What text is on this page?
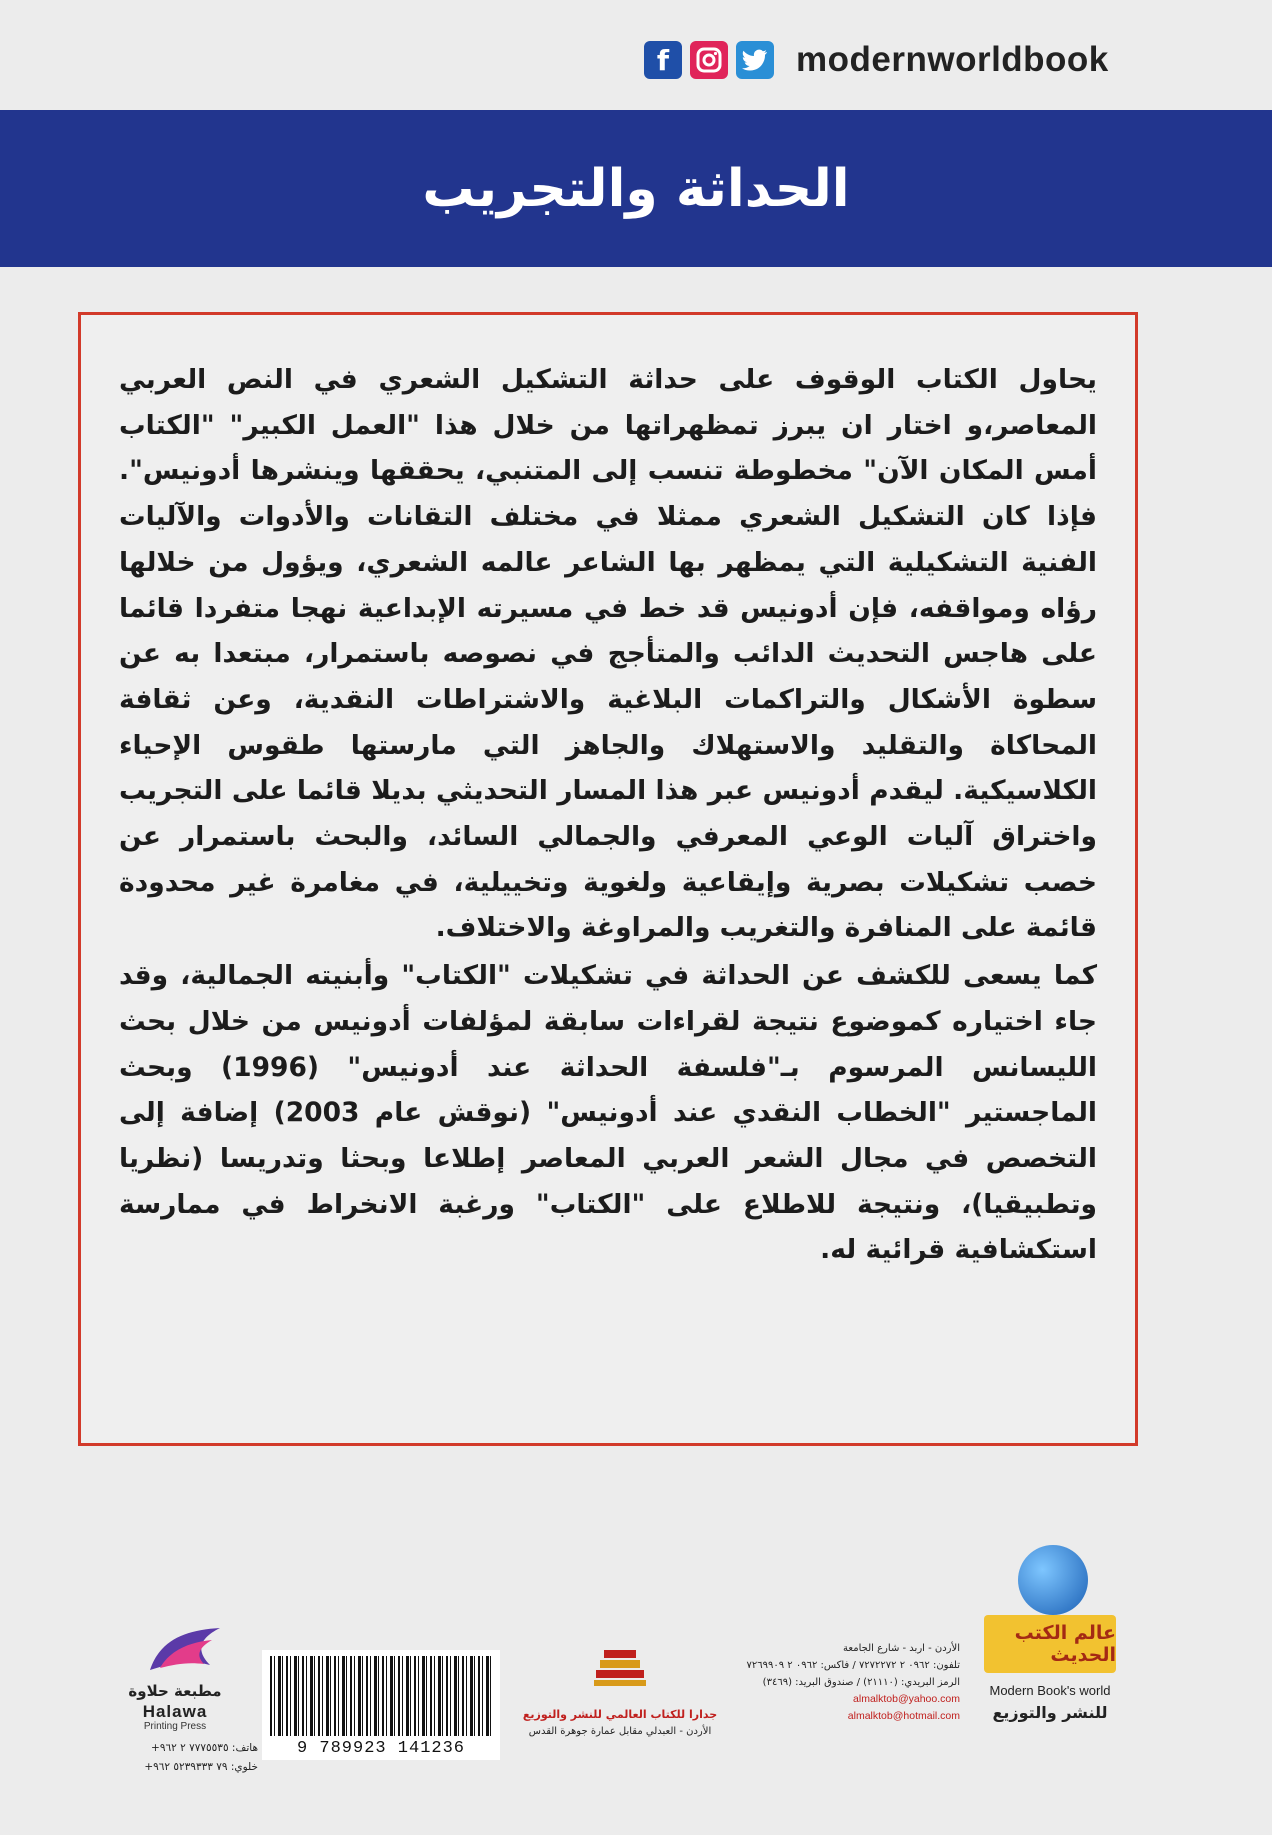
f	modernworldbook
الحداثة والتجريب

يحاول الكتاب الوقوف على حداثة التشكيل الشعري في النص العربي المعاصر،و اختار ان يبرز تمظهراتها من خلال هذا "العمل الكبير" "الكتاب أمس المكان الآن" مخطوطة تنسب إلى المتنبي، يحققها وينشرها أدونيس". فإذا كان التشكيل الشعري ممثلا في مختلف التقانات والأدوات والآليات الفنية التشكيلية التي يمظهر بها الشاعر عالمه الشعري، ويؤول من خلالها رؤاه ومواقفه، فإن أدونيس قد خط في مسيرته الإبداعية نهجا متفردا قائما على هاجس التحديث الدائب والمتأجج في نصوصه باستمرار، مبتعدا به عن سطوة الأشكال والتراكمات البلاغية والاشتراطات النقدية، وعن ثقافة المحاكاة والتقليد والاستهلاك والجاهز التي مارستها طقوس الإحياء الكلاسيكية. ليقدم أدونيس عبر هذا المسار التحديثي بديلا قائما على التجريب واختراق آليات الوعي المعرفي والجمالي السائد، والبحث باستمرار عن خصب تشكيلات بصرية وإيقاعية ولغوية وتخييلية، في مغامرة غير محدودة قائمة على المنافرة والتغريب والمراوغة والاختلاف.

كما يسعى للكشف عن الحداثة في تشكيلات "الكتاب" وأبنيته الجمالية، وقد جاء اختياره كموضوع نتيجة لقراءات سابقة لمؤلفات أدونيس من خلال بحث الليسانس المرسوم بـ"فلسفة الحداثة عند أدونيس" (1996) وبحث الماجستير "الخطاب النقدي عند أدونيس" (نوقش عام 2003) إضافة إلى التخصص في مجال الشعر العربي المعاصر إطلاعا وبحثا وتدريسا (نظريا وتطبيقيا)، ونتيجة للاطلاع على "الكتاب" ورغبة الانخراط في ممارسة استكشافية قرائية له.

عالم الكتب الحديث
Modern Book's world
للنشر والتوزيع
الأردن - اربد - شارع الجامعة
تلفون: ٠٩٦٢ ٢ ٧٢٧٢٢٧٢ / فاكس: ٠٩٦٢ ٢ ٧٢٦٩٩٠٩
الرمز البريدي: (٢١١١٠) / صندوق البريد: (٣٤٦٩)
almalktob@yahoo.com
almalktob@hotmail.com
جدارا للكتاب العالمي للنشر والتوزيع
الأردن - العبدلي مقابل عمارة جوهرة القدس
9 789923 141236
مطبعة حلاوة
Halawa
Printing Press
هاتف: ٧٧٧٥٥٣٥ ٢ ٩٦٢+
خلوي: ٧٩ ٥٢٣٩٣٣٣ ٩٦٢+
